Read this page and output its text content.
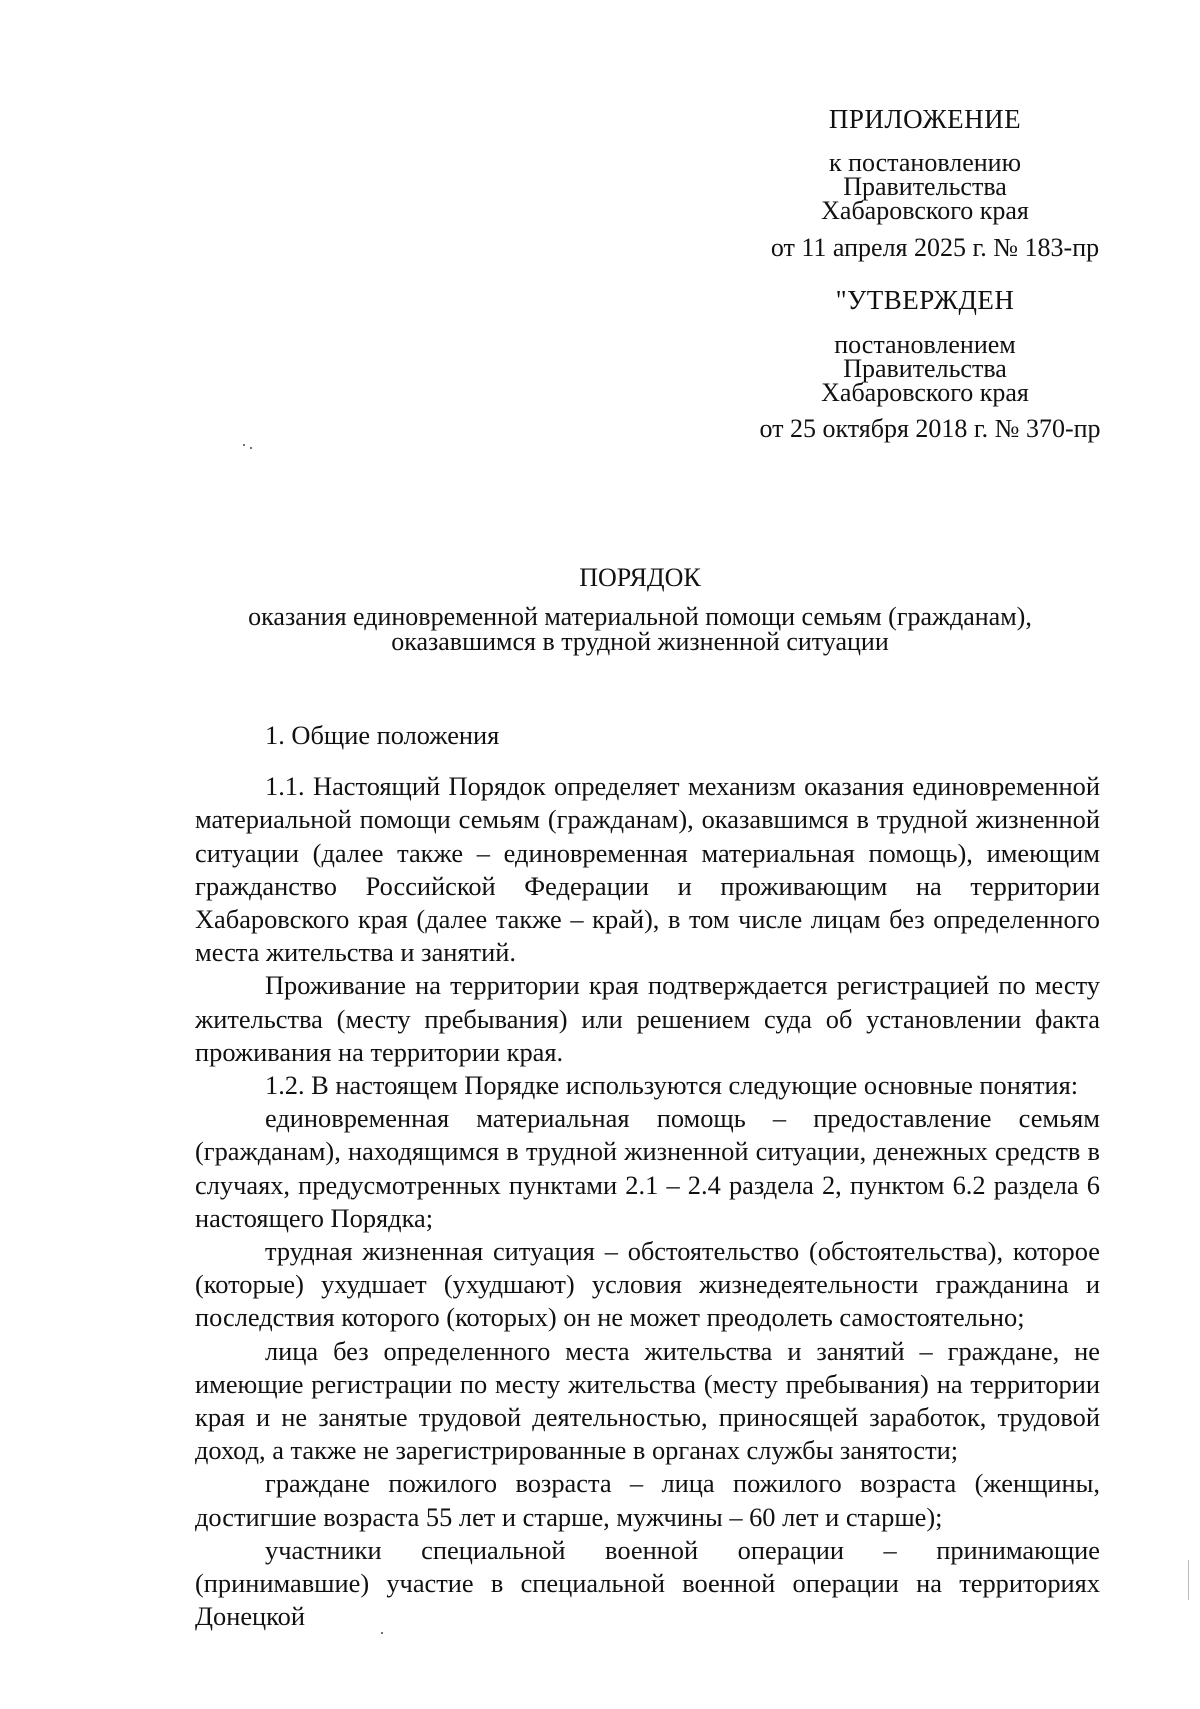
ПРИЛОЖЕНИЕ
к постановлению
Правительства
Хабаровского края
от 11 апреля 2025 г. № 183-пр
"УТВЕРЖДЕН
постановлением
Правительства
Хабаровского края
от 25 октября 2018 г. № 370-пр
ПОРЯДОК
оказания единовременной материальной помощи семьям (гражданам),
оказавшимся в трудной жизненной ситуации

1. Общие положения

1.1. Настоящий Порядок определяет механизм оказания единовременной материальной помощи семьям (гражданам), оказавшимся в трудной жизненной ситуации (далее также – единовременная материальная помощь), имеющим гражданство Российской Федерации и проживающим на территории Хабаровского края (далее также – край), в том числе лицам без определенного места жительства и занятий.

Проживание на территории края подтверждается регистрацией по месту жительства (месту пребывания) или решением суда об установлении факта проживания на территории края.

1.2. В настоящем Порядке используются следующие основные понятия:

единовременная материальная помощь – предоставление семьям (гражданам), находящимся в трудной жизненной ситуации, денежных средств в случаях, предусмотренных пунктами 2.1 – 2.4 раздела 2, пунктом 6.2 раздела 6 настоящего Порядка;

трудная жизненная ситуация – обстоятельство (обстоятельства), которое (которые) ухудшает (ухудшают) условия жизнедеятельности гражданина и последствия которого (которых) он не может преодолеть самостоятельно;

лица без определенного места жительства и занятий – граждане, не имеющие регистрации по месту жительства (месту пребывания) на территории края и не занятые трудовой деятельностью, приносящей заработок, трудовой доход, а также не зарегистрированные в органах службы занятости;

граждане пожилого возраста – лица пожилого возраста (женщины, достигшие возраста 55 лет и старше, мужчины – 60 лет и старше);

участники специальной военной операции – принимающие (принимавшие) участие в специальной военной операции на территориях Донецкой
